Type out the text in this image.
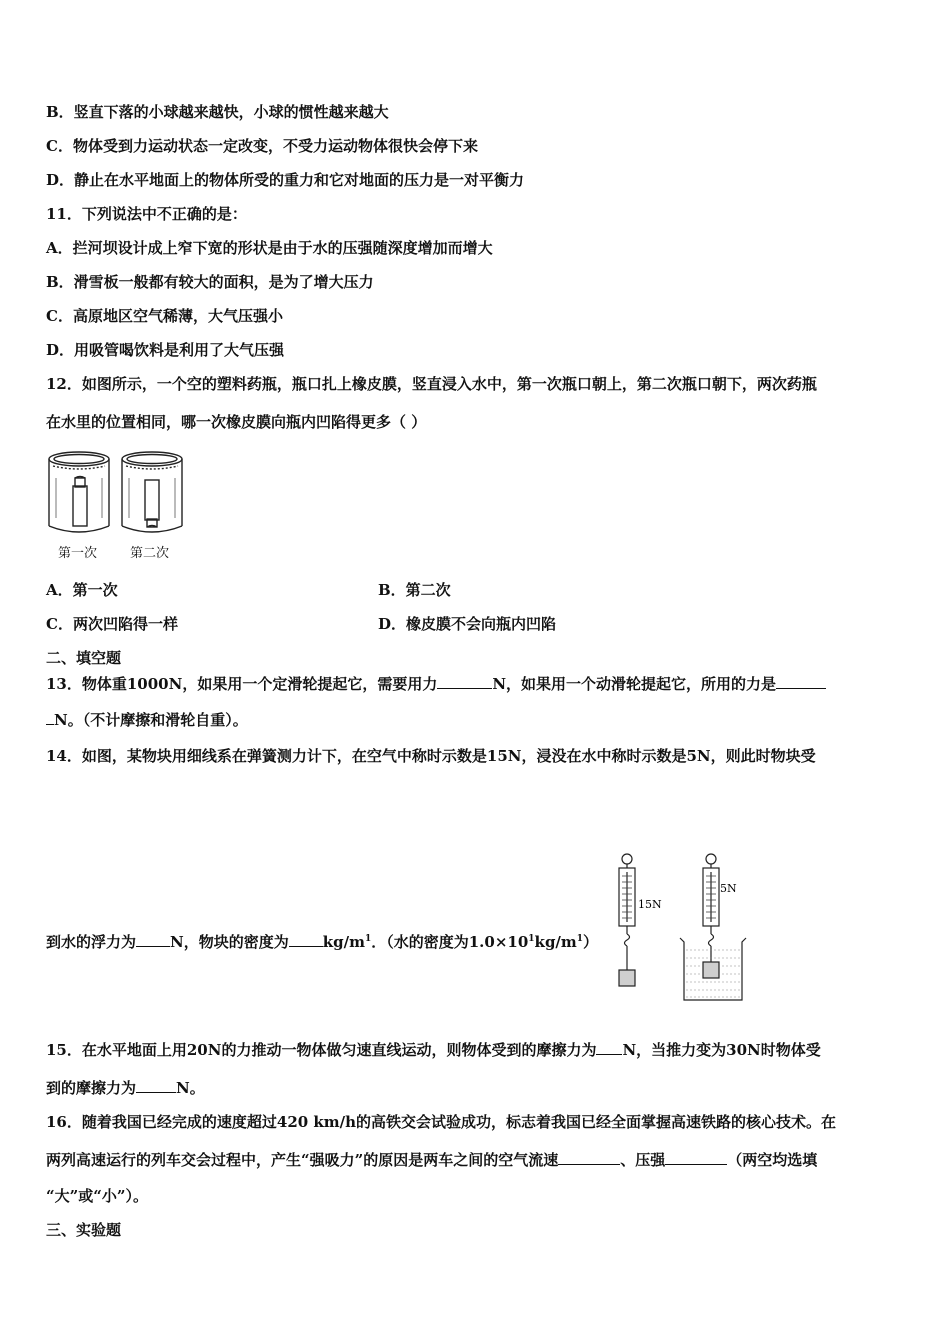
B．竖直下落的小球越来越快，小球的惯性越来越大
C．物体受到力运动状态一定改变，不受力运动物体很快会停下来
D．静止在水平地面上的物体所受的重力和它对地面的压力是一对平衡力
11．下列说法中不正确的是：
A．拦河坝设计成上窄下宽的形状是由于水的压强随深度增加而增大
B．滑雪板一般都有较大的面积，是为了增大压力
C．高原地区空气稀薄，大气压强小
D．用吸管喝饮料是利用了大气压强
12．如图所示，一个空的塑料药瓶，瓶口扎上橡皮膜，竖直浸入水中，第一次瓶口朝上，第二次瓶口朝下，两次药瓶
在水里的位置相同，哪一次橡皮膜向瓶内凹陷得更多（ ）
第一次	第二次
A．第一次	B．第二次
C．两次凹陷得一样	D．橡皮膜不会向瓶内凹陷
二、填空题
13．物体重1000N，如果用一个定滑轮提起它，需要用力	N，如果用一个动滑轮提起它，所用的力是
N。（不计摩擦和滑轮自重）。
14．如图，某物块用细线系在弹簧测力计下，在空气中称时示数是15N，浸没在水中称时示数是5N，则此时物块受
到水的浮力为 N，物块的密度为 $kg/m^1$．（水的密度为$1.0\times 10^1kg/m^1$）
15N
5N
15．在水平地面上用20N的力推动一物体做匀速直线运动，则物体受到的摩擦力为 N，当推力变为30N时物体受
到的摩擦力为	N。
16．随着我国已经完成的速度超过420 km/h的高铁交会试验成功，标志着我国已经全面掌握高速铁路的核心技术。在
两列高速运行的列车交会过程中，产生“强吸力”的原因是两车之间的空气流速	、压强	（两空均选填
“大”或“小”）。
三、实验题
